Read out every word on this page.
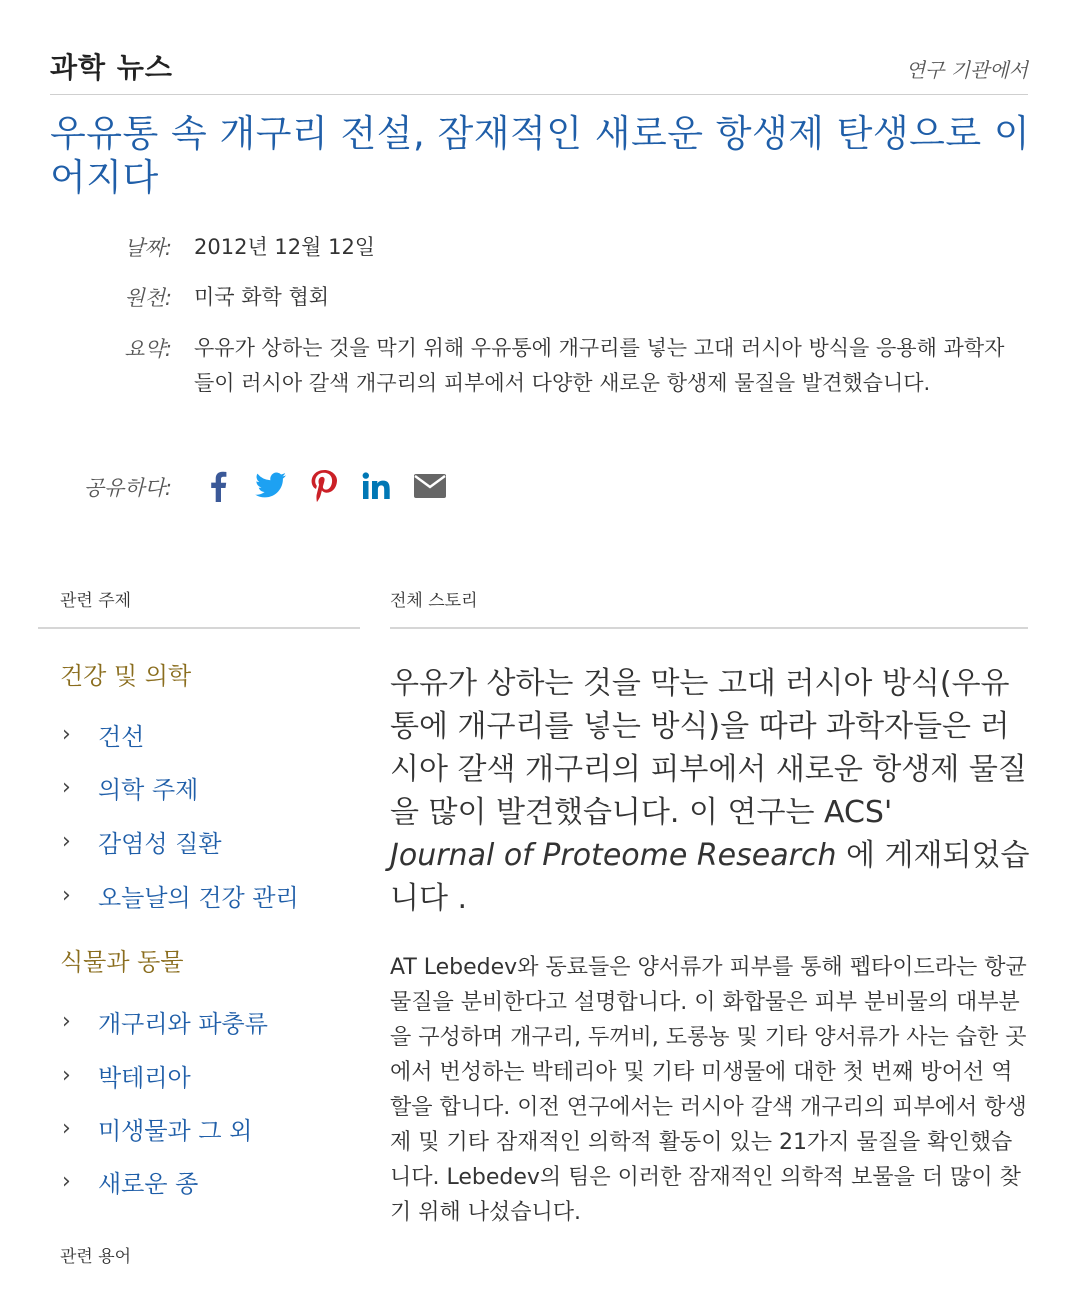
과학 뉴스	연구 기관에서
우유통 속 개구리 전설, 잠재적인 새로운 항생제 탄생으로 이어지다
날짜: 2012년 12월 12일
원천: 미국 화학 협회
요약: 우유가 상하는 것을 막기 위해 우유통에 개구리를 넣는 고대 러시아 방식을 응용해 과학자들이 러시아 갈색 개구리의 피부에서 다양한 새로운 항생제 물질을 발견했습니다.
공유하다:
관련 주제	전체 스토리
건강 및 의학
›	건선
›	의학 주제
›	감염성 질환
›	오늘날의 건강 관리
식물과 동물
›	개구리와 파충류
›	박테리아
›	미생물과 그 외
›	새로운 종
관련 용어

우유가 상하는 것을 막는 고대 러시아 방식(우유통에 개구리를 넣는 방식)을 따라 과학자들은 러시아 갈색 개구리의 피부에서 새로운 항생제 물질을 많이 발견했습니다. 이 연구는 ACS'
Journal of Proteome Research 에 게재되었습니다 .

AT Lebedev와 동료들은 양서류가 피부를 통해 펩타이드라는 항균 물질을 분비한다고 설명합니다. 이 화합물은 피부 분비물의 대부분을 구성하며 개구리, 두꺼비, 도롱뇽 및 기타 양서류가 사는 습한 곳에서 번성하는 박테리아 및 기타 미생물에 대한 첫 번째 방어선 역할을 합니다. 이전 연구에서는 러시아 갈색 개구리의 피부에서 항생제 및 기타 잠재적인 의학적 활동이 있는 21가지 물질을 확인했습니다. Lebedev의 팀은 이러한 잠재적인 의학적 보물을 더 많이 찾기 위해 나섰습니다.
